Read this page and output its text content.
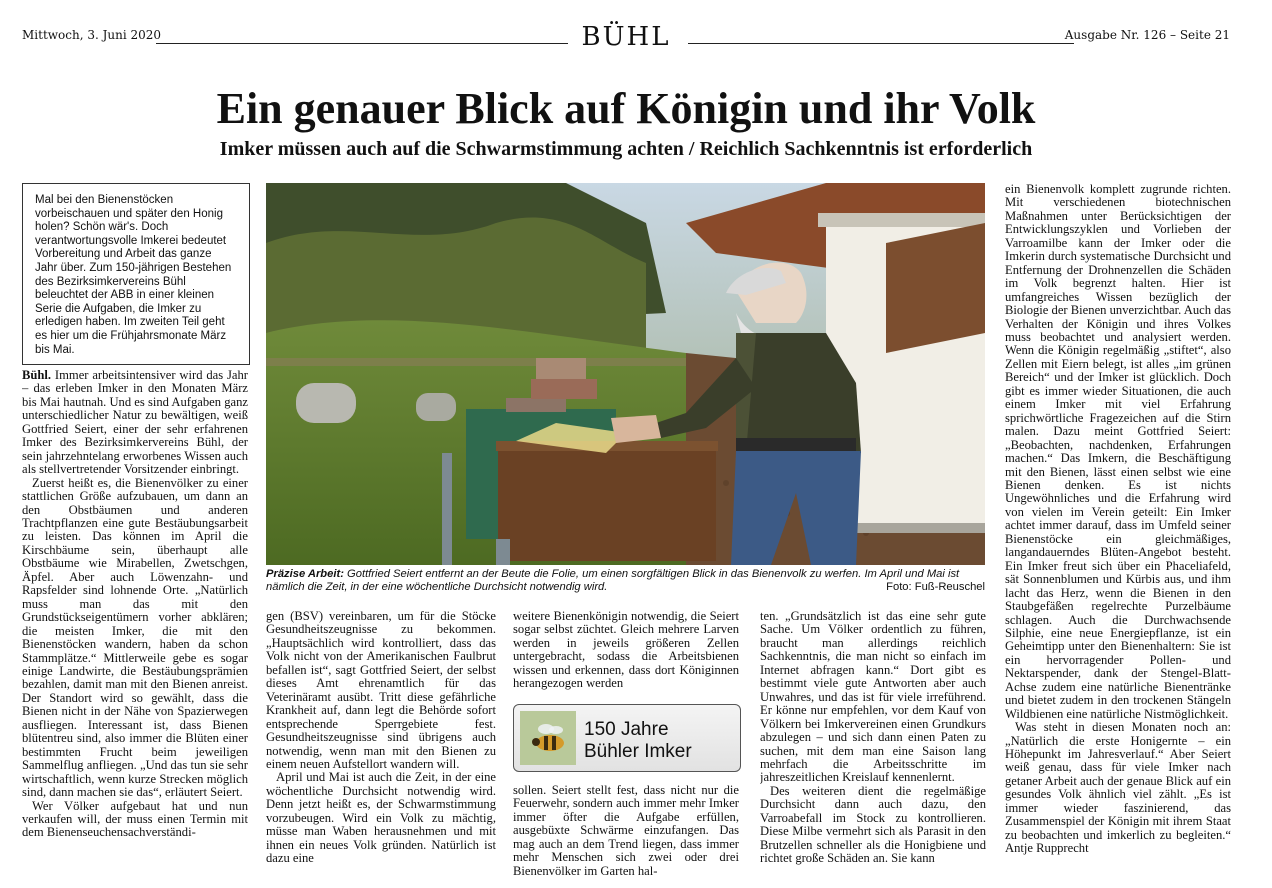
Mittwoch, 3. Juni 2020	BÜHL	Ausgabe Nr. 126 – Seite 21
Ein genauer Blick auf Königin und ihr Volk
Imker müssen auch auf die Schwarmstimmung achten / Reichlich Sachkenntnis ist erforderlich
Mal bei den Bienenstöcken vorbeischauen und später den Honig holen? Schön wär's. Doch verantwortungsvolle Imkerei bedeutet Vorbereitung und Arbeit das ganze Jahr über. Zum 150-jährigen Bestehen des Bezirksimkervereins Bühl beleuchtet der ABB in einer kleinen Serie die Aufgaben, die Imker zu erledigen haben. Im zweiten Teil geht es hier um die Frühjahrsmonate März bis Mai.

Bühl. Immer arbeitsintensiver wird das Jahr – das erleben Imker in den Monaten März bis Mai hautnah. Und es sind Aufgaben ganz unterschiedlicher Natur zu bewältigen, weiß Gottfried Seiert, einer der sehr erfahrenen Imker des Bezirksimkervereins Bühl, der sein jahrzehntelang erworbenes Wissen auch als stellvertretender Vorsitzender einbringt.

Zuerst heißt es, die Bienenvölker zu einer stattlichen Größe aufzubauen, um dann an den Obstbäumen und anderen Trachtpflanzen eine gute Bestäubungsarbeit zu leisten. Das können im April die Kirschbäume sein, überhaupt alle Obstbäume wie Mirabellen, Zwetschgen, Äpfel. Aber auch Löwenzahn- und Rapsfelder sind lohnende Orte. „Natürlich muss man das mit den Grundstückseigentümern vorher abklären; die meisten Imker, die mit den Bienenstöcken wandern, haben da schon Stammplätze.“ Mittlerweile gebe es sogar einige Landwirte, die Bestäubungsprämien bezahlen, damit man mit den Bienen anreist. Der Standort wird so gewählt, dass die Bienen nicht in der Nähe von Spazierwegen ausfliegen. Interessant ist, dass Bienen blütentreu sind, also immer die Blüten einer bestimmten Frucht beim jeweiligen Sammelflug anfliegen. „Und das tun sie sehr wirtschaftlich, wenn kurze Strecken möglich sind, dann machen sie das“, erläutert Seiert.

Wer Völker aufgebaut hat und nun verkaufen will, der muss einen Termin mit dem Bienenseuchensachverständi-

Präzise Arbeit: Gottfried Seiert entfernt an der Beute die Folie, um einen sorgfältigen Blick in das Bienenvolk zu werfen. Im April und Mai ist nämlich die Zeit, in der eine wöchentliche Durchsicht notwendig wird.	Foto: Fuß-Reuschel

gen (BSV) vereinbaren, um für die Stöcke Gesundheitszeugnisse zu bekommen. „Hauptsächlich wird kontrolliert, dass das Volk nicht von der Amerikanischen Faulbrut befallen ist“, sagt Gottfried Seiert, der selbst dieses Amt ehrenamtlich für das Veterinäramt ausübt. Tritt diese gefährliche Krankheit auf, dann legt die Behörde sofort entsprechende Sperrgebiete fest. Gesundheitszeugnisse sind übrigens auch notwendig, wenn man mit den Bienen zu einem neuen Aufstellort wandern will.

April und Mai ist auch die Zeit, in der eine wöchentliche Durchsicht notwendig wird. Denn jetzt heißt es, der Schwarmstimmung vorzubeugen. Wird ein Volk zu mächtig, müsse man Waben herausnehmen und mit ihnen ein neues Volk gründen. Natürlich ist dazu eine

weitere Bienenkönigin notwendig, die Seiert sogar selbst züchtet. Gleich mehrere Larven werden in jeweils größeren Zellen untergebracht, sodass die Arbeitsbienen wissen und erkennen, dass dort Königinnen herangezogen werden

150 Jahre
Bühler Imker

sollen. Seiert stellt fest, dass nicht nur die Feuerwehr, sondern auch immer mehr Imker immer öfter die Aufgabe erfüllen, ausgebüxte Schwärme einzufangen. Das mag auch an dem Trend liegen, dass immer mehr Menschen sich zwei oder drei Bienenvölker im Garten hal-

ten. „Grundsätzlich ist das eine sehr gute Sache. Um Völker ordentlich zu führen, braucht man allerdings reichlich Sachkenntnis, die man nicht so einfach im Internet abfragen kann.“ Dort gibt es bestimmt viele gute Antworten aber auch Unwahres, und das ist für viele irreführend. Er könne nur empfehlen, vor dem Kauf von Völkern bei Imkervereinen einen Grundkurs abzulegen – und sich dann einen Paten zu suchen, mit dem man eine Saison lang mehrfach die Arbeitsschritte im jahreszeitlichen Kreislauf kennenlernt.

Des weiteren dient die regelmäßige Durchsicht dann auch dazu, den Varroabefall im Stock zu kontrollieren. Diese Milbe vermehrt sich als Parasit in den Brutzellen schneller als die Honigbiene und richtet große Schäden an. Sie kann

ein Bienenvolk komplett zugrunde richten. Mit verschiedenen biotechnischen Maßnahmen unter Berücksichtigen der Entwicklungszyklen und Vorlieben der Varroamilbe kann der Imker oder die Imkerin durch systematische Durchsicht und Entfernung der Drohnenzellen die Schäden im Volk begrenzt halten. Hier ist umfangreiches Wissen bezüglich der Biologie der Bienen unverzichtbar. Auch das Verhalten der Königin und ihres Volkes muss beobachtet und analysiert werden. Wenn die Königin regelmäßig „stiftet“, also Zellen mit Eiern belegt, ist alles „im grünen Bereich“ und der Imker ist glücklich. Doch gibt es immer wieder Situationen, die auch einem Imker mit viel Erfahrung sprichwörtliche Fragezeichen auf die Stirn malen. Dazu meint Gottfried Seiert: „Beobachten, nachdenken, Erfahrungen machen.“ Das Imkern, die Beschäftigung mit den Bienen, lässt einen selbst wie eine Bienen denken. Es ist nichts Ungewöhnliches und die Erfahrung wird von vielen im Verein geteilt: Ein Imker achtet immer darauf, dass im Umfeld seiner Bienenstöcke ein gleichmäßiges, langandauerndes Blüten-Angebot besteht. Ein Imker freut sich über ein Phaceliafeld, sät Sonnenblumen und Kürbis aus, und ihm lacht das Herz, wenn die Bienen in den Staubgefäßen regelrechte Purzelbäume schlagen. Auch die Durchwachsende Silphie, eine neue Energiepflanze, ist ein Geheimtipp unter den Bienenhaltern: Sie ist ein hervorragender Pollen- und Nektarspender, dank der Stengel-Blatt-Achse zudem eine natürliche Bienentränke und bietet zudem in den trockenen Stängeln Wildbienen eine natürliche Nistmöglichkeit.

Was steht in diesen Monaten noch an: „Natürlich die erste Honigernte – ein Höhepunkt im Jahresverlauf.“ Aber Seiert weiß genau, dass für viele Imker nach getaner Arbeit auch der genaue Blick auf ein gesundes Volk ähnlich viel zählt. „Es ist immer wieder faszinierend, das Zusammenspiel der Königin mit ihrem Staat zu beobachten und imkerlich zu begleiten.“ Antje Rupprecht
